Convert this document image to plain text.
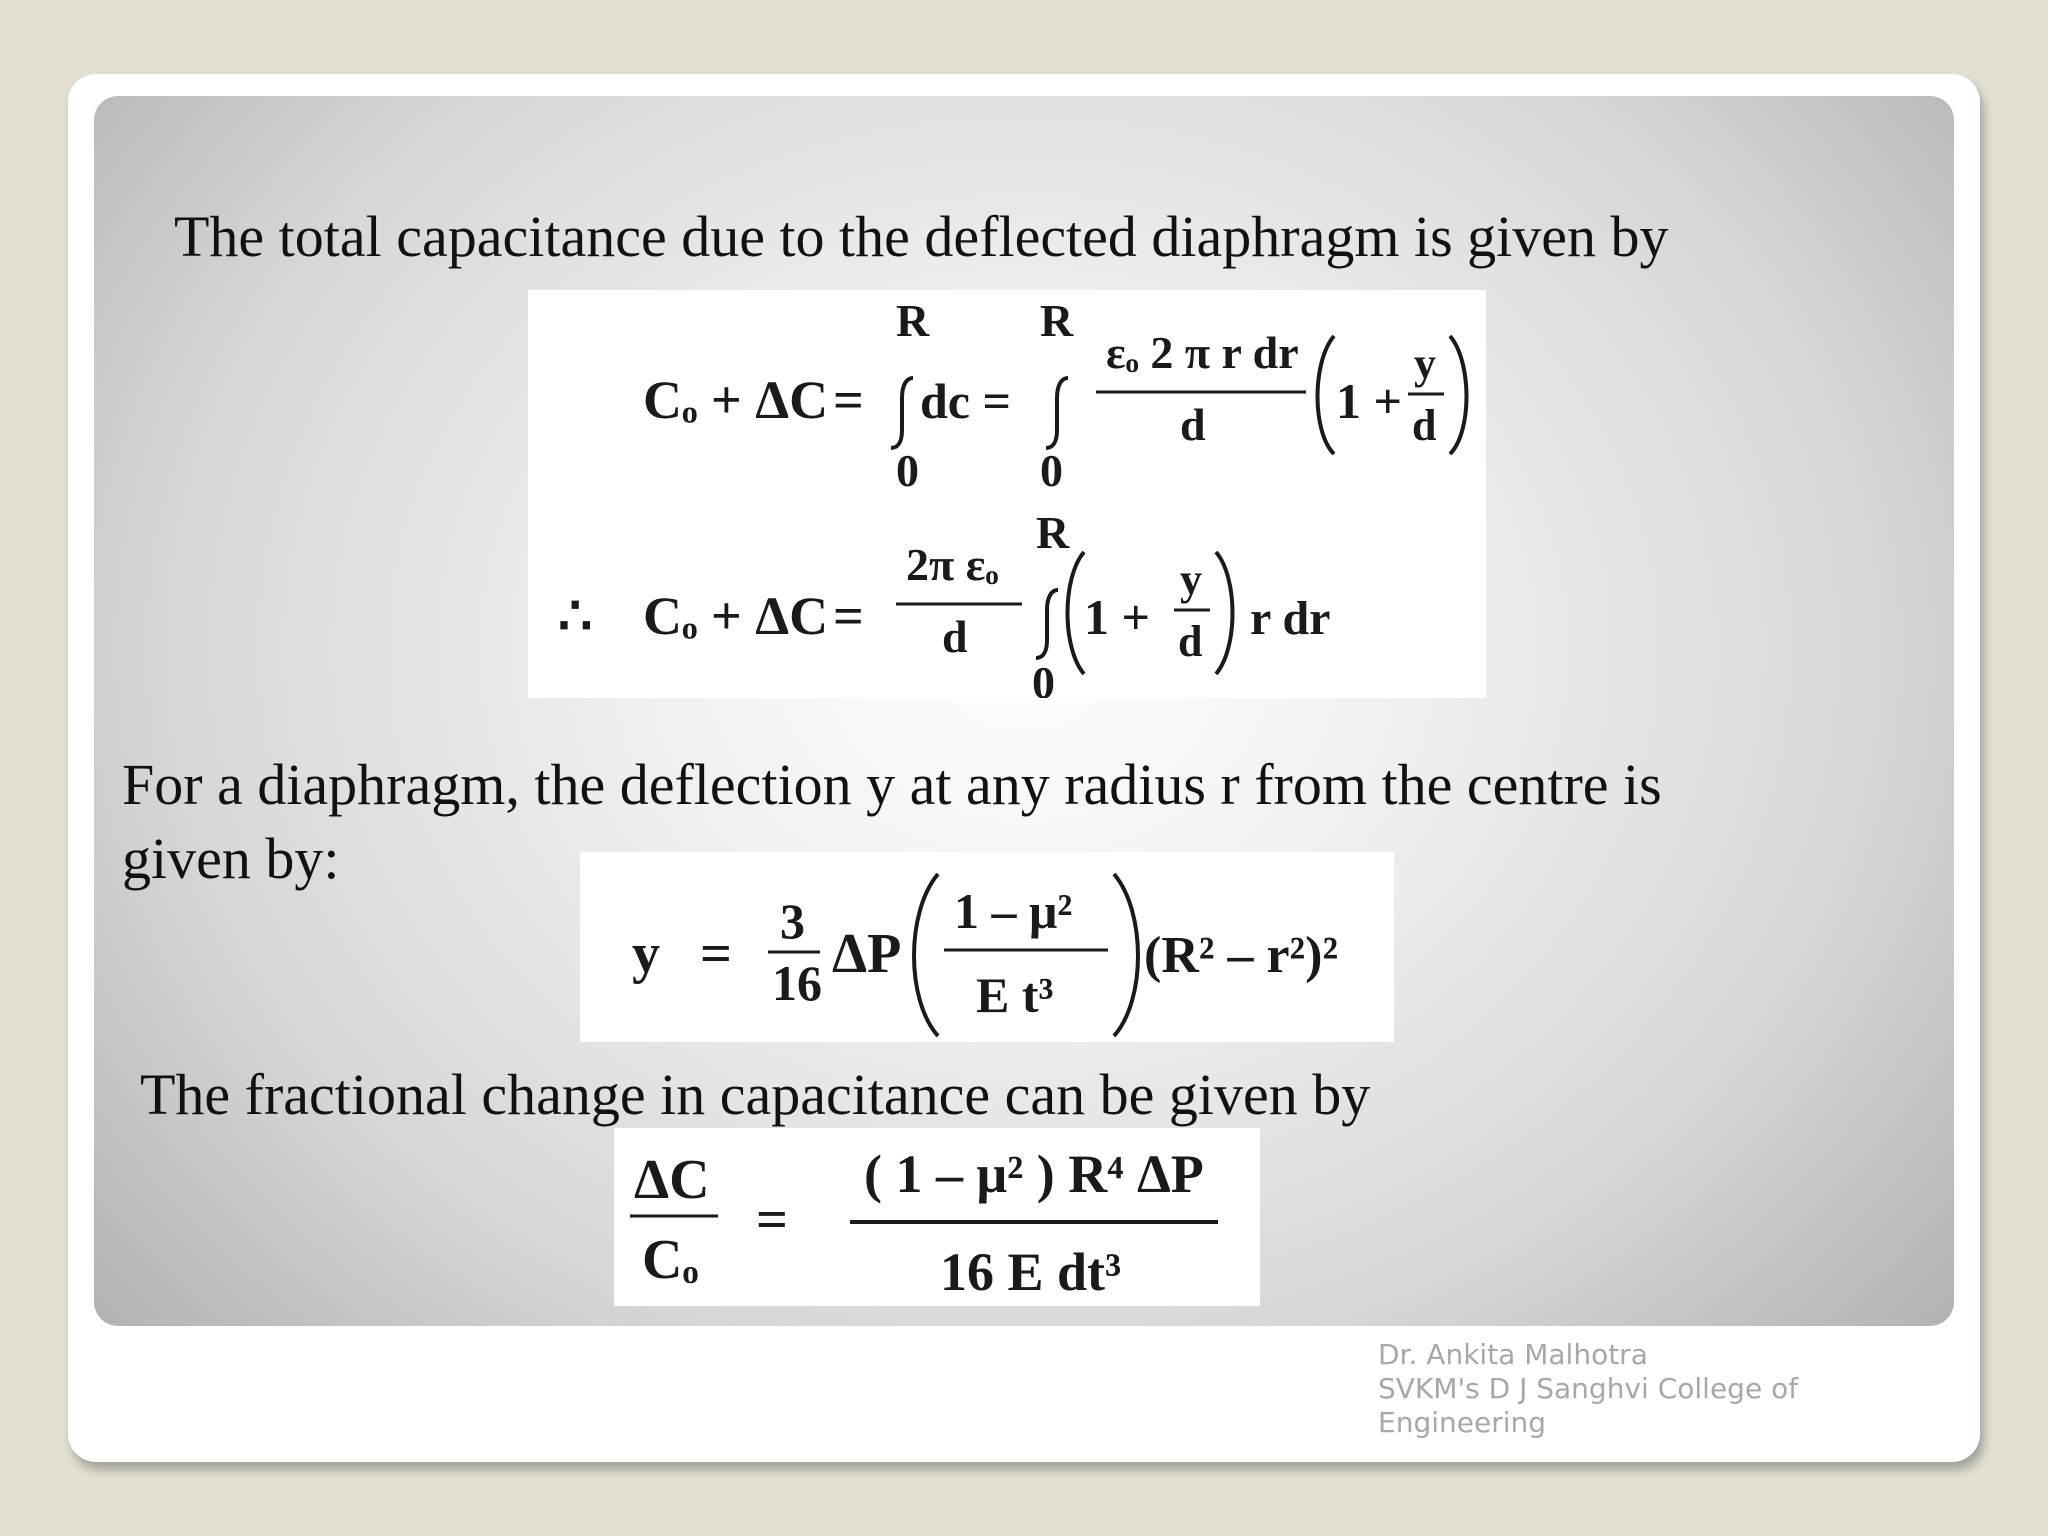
The total capacitance due to the deflected diaphragm is given by

Cₒ + ΔC =
R
0
dc =
R
0
εₒ 2 π r dr
d	1 +
y
d
∴ Cₒ + ΔC =
2π εₒ
d
R
0
1 +
y
d r dr

For a diaphragm, the deflection y at any radius r from the centre is

given by:

y =
3
16 ΔP
1 – μ²
E t³
(R² – r²)²

The fractional change in capacitance can be given by

ΔC
Cₒ
=
( 1 – μ² ) R⁴ ΔP
16 E dt³
Dr. Ankita Malhotra
SVKM's D J Sanghvi College of
Engineering
